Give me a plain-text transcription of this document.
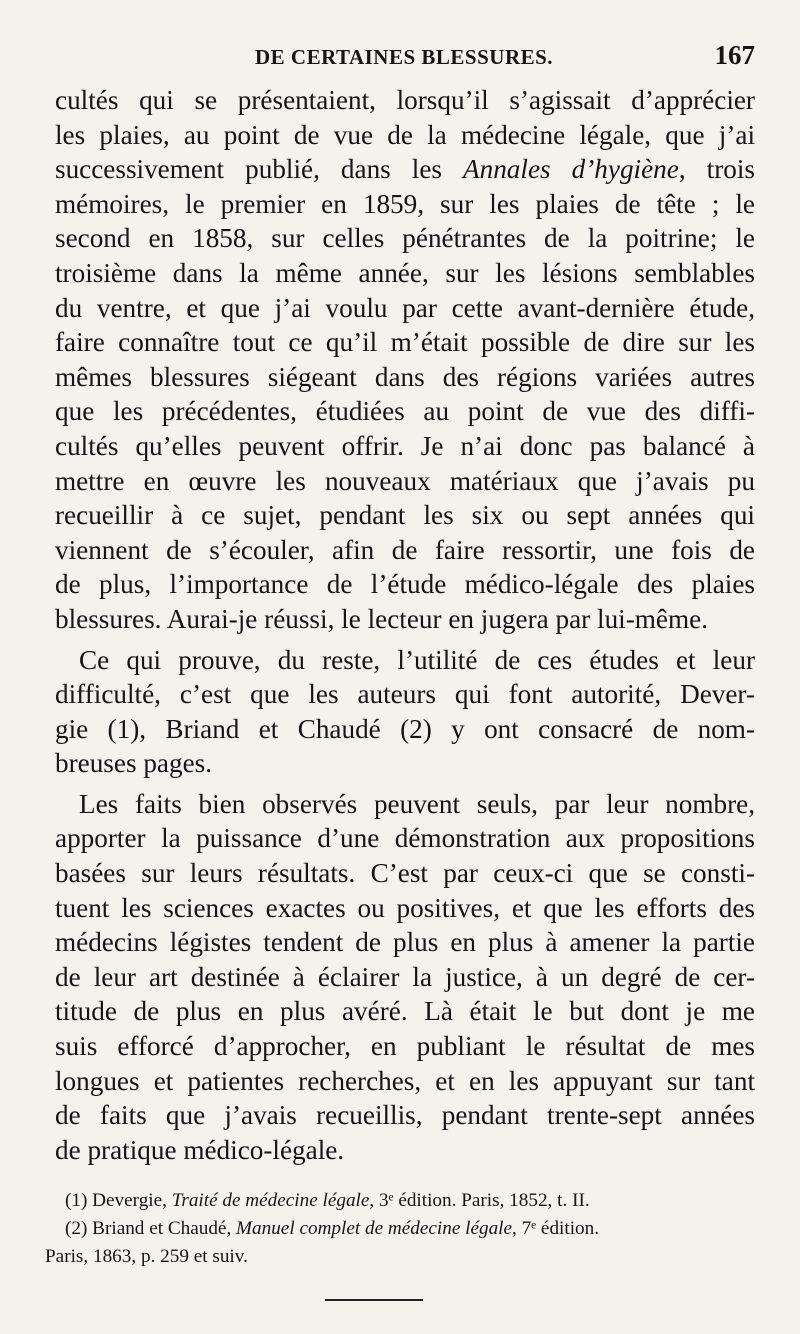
DE CERTAINES BLESSURES.	167
cultés qui se présentaient, lorsqu’il s’agissait d’apprécier
les plaies, au point de vue de la médecine légale, que j’ai
successivement publié, dans les Annales d’hygiène, trois
mémoires, le premier en 1859, sur les plaies de tête ; le
second en 1858, sur celles pénétrantes de la poitrine; le
troisième dans la même année, sur les lésions semblables
du ventre, et que j’ai voulu par cette avant-dernière étude,
faire connaître tout ce qu’il m’était possible de dire sur les
mêmes blessures siégeant dans des régions variées autres
que les précédentes, étudiées au point de vue des diffi-
cultés qu’elles peuvent offrir. Je n’ai donc pas balancé à
mettre en œuvre les nouveaux matériaux que j’avais pu
recueillir à ce sujet, pendant les six ou sept années qui
viennent de s’écouler, afin de faire ressortir, une fois de
de plus, l’importance de l’étude médico-légale des plaies
blessures. Aurai-je réussi, le lecteur en jugera par lui-même.
Ce qui prouve, du reste, l’utilité de ces études et leur
difficulté, c’est que les auteurs qui font autorité, Dever-
gie (1), Briand et Chaudé (2) y ont consacré de nom-
breuses pages.
Les faits bien observés peuvent seuls, par leur nombre,
apporter la puissance d’une démonstration aux propositions
basées sur leurs résultats. C’est par ceux-ci que se consti-
tuent les sciences exactes ou positives, et que les efforts des
médecins légistes tendent de plus en plus à amener la partie
de leur art destinée à éclairer la justice, à un degré de cer-
titude de plus en plus avéré. Là était le but dont je me
suis efforcé d’approcher, en publiant le résultat de mes
longues et patientes recherches, et en les appuyant sur tant
de faits que j’avais recueillis, pendant trente-sept années
de pratique médico-légale.
(1) Devergie, Traité de médecine légale, 3ᵉ édition. Paris, 1852, t. II.
(2) Briand et Chaudé, Manuel complet de médecine légale, 7ᵉ édition.
Paris, 1863, p. 259 et suiv.
